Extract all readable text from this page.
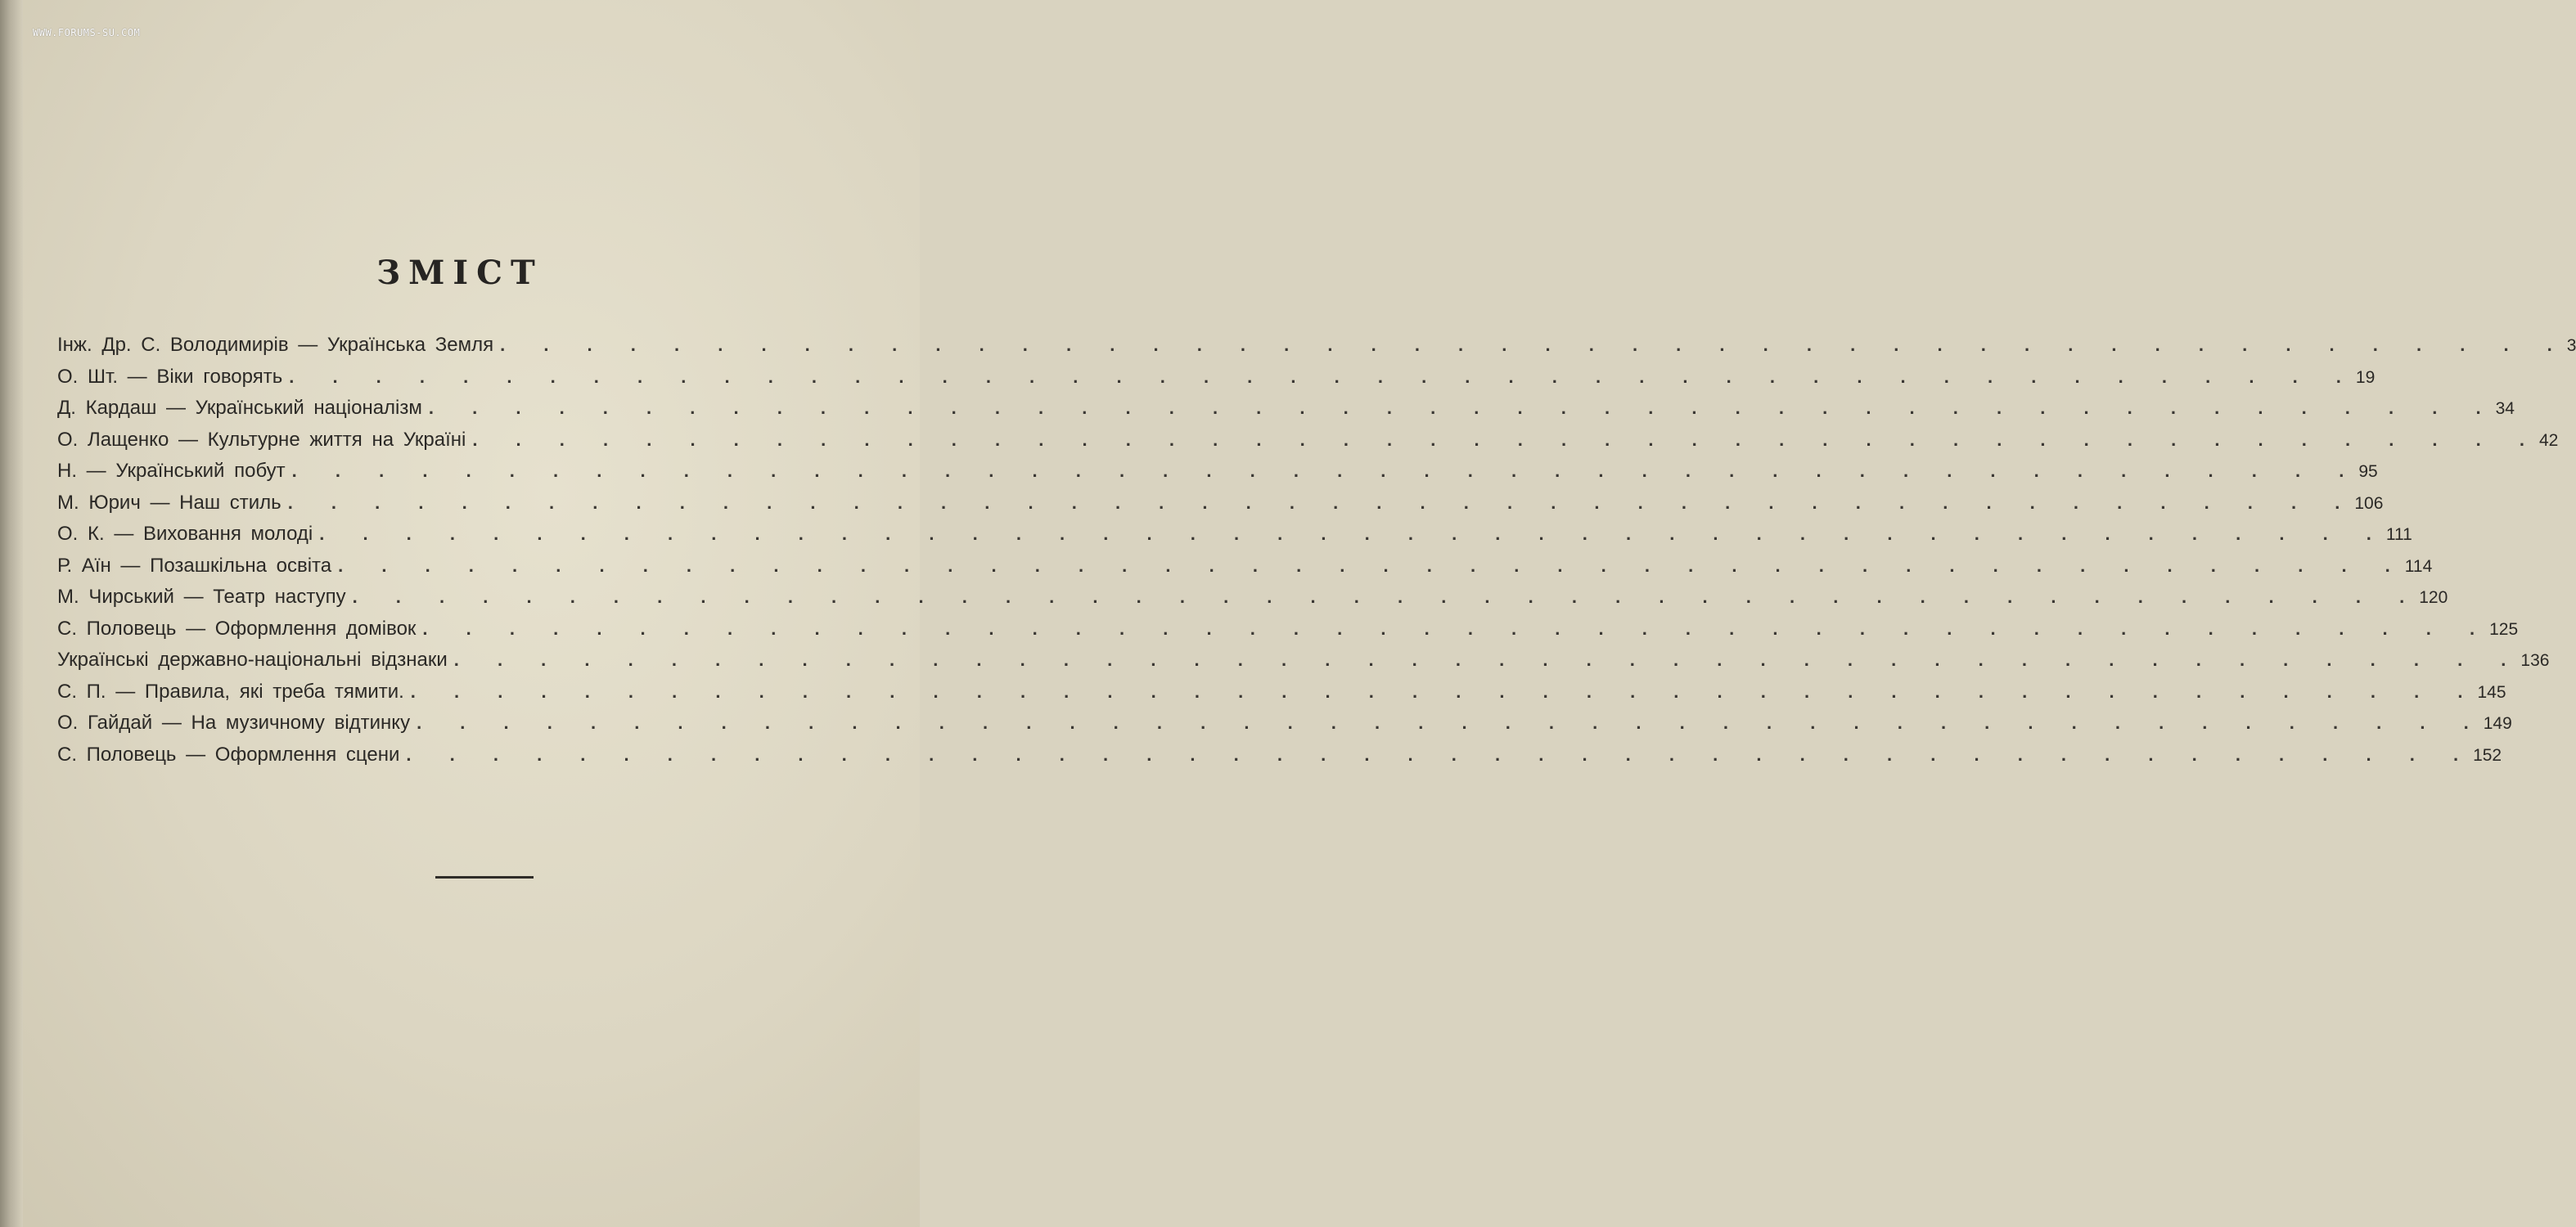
WWW.FORUMS-SU.COM
ЗМІСТ
Інж. Др. С. Володимирів — Українська Земля . . . . . . . . . . . . . . . . . . . . . . . . . . . . . . . . . . . . . . . . . . . . . . . . 3
О. Шт. — Віки говорять . . . . . . . . . . . . . . . . . . . . . . . . . . . . . . . . . . . . . . . . . . . . . . . . 19
Д. Кардаш — Український націоналізм . . . . . . . . . . . . . . . . . . . . . . . . . . . . . . . . . . . . . . . . . . . . . . . . 34
О. Лащенко — Культурне життя на Україні . . . . . . . . . . . . . . . . . . . . . . . . . . . . . . . . . . . . . . . . . . . . . . . . 42
Н. — Український побут . . . . . . . . . . . . . . . . . . . . . . . . . . . . . . . . . . . . . . . . . . . . . . . . 95
М. Юрич — Наш стиль . . . . . . . . . . . . . . . . . . . . . . . . . . . . . . . . . . . . . . . . . . . . . . . . 106
О. К. — Виховання молоді . . . . . . . . . . . . . . . . . . . . . . . . . . . . . . . . . . . . . . . . . . . . . . . . 111
Р. Аїн — Позашкільна освіта . . . . . . . . . . . . . . . . . . . . . . . . . . . . . . . . . . . . . . . . . . . . . . . . 114
М. Чирський — Театр наступу . . . . . . . . . . . . . . . . . . . . . . . . . . . . . . . . . . . . . . . . . . . . . . . . 120
С. Половець — Оформлення домівок . . . . . . . . . . . . . . . . . . . . . . . . . . . . . . . . . . . . . . . . . . . . . . . . 125
Українські державно-національні відзнаки . . . . . . . . . . . . . . . . . . . . . . . . . . . . . . . . . . . . . . . . . . . . . . . . 136
С. П. — Правила, які треба тямити. . . . . . . . . . . . . . . . . . . . . . . . . . . . . . . . . . . . . . . . . . . . . . . . . 145
О. Гайдай — На музичному відтинку . . . . . . . . . . . . . . . . . . . . . . . . . . . . . . . . . . . . . . . . . . . . . . . . 149
С. Половець — Оформлення сцени . . . . . . . . . . . . . . . . . . . . . . . . . . . . . . . . . . . . . . . . . . . . . . . . 152
